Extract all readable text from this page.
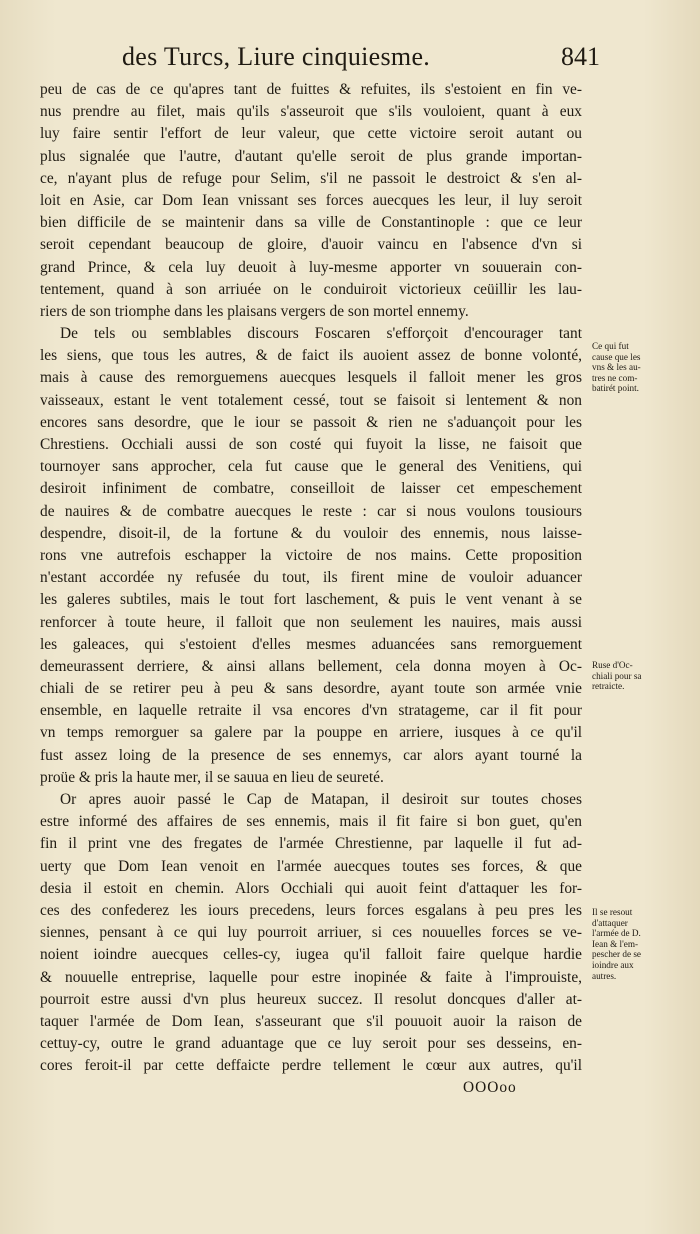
des Turcs, Liure cinquiesme.	841
peu de cas de ce qu'apres tant de fuittes & refuites, ils s'estoient en fin ve-
nus prendre au filet, mais qu'ils s'asseuroit que s'ils vouloient, quant à eux
luy faire sentir l'effort de leur valeur, que cette victoire seroit autant ou
plus signalée que l'autre, d'autant qu'elle seroit de plus grande importan-
ce, n'ayant plus de refuge pour Selim, s'il ne passoit le destroict & s'en al-
loit en Asie, car Dom Iean vnissant ses forces auecques les leur, il luy seroit
bien difficile de se maintenir dans sa ville de Constantinople : que ce leur
seroit cependant beaucoup de gloire, d'auoir vaincu en l'absence d'vn si
grand Prince, & cela luy deuoit à luy-mesme apporter vn souuerain con-
tentement, quand à son arriuée on le conduiroit victorieux ceüillir les lau-
riers de son triomphe dans les plaisans vergers de son mortel ennemy.
De tels ou semblables discours Foscaren s'efforçoit d'encourager tant
les siens, que tous les autres, & de faict ils auoient assez de bonne volonté,
mais à cause des remorguemens auecques lesquels il falloit mener les gros
vaisseaux, estant le vent totalement cessé, tout se faisoit si lentement & non
encores sans desordre, que le iour se passoit & rien ne s'aduançoit pour les
Chrestiens. Occhiali aussi de son costé qui fuyoit la lisse, ne faisoit que
tournoyer sans approcher, cela fut cause que le general des Venitiens, qui
desiroit infiniment de combatre, conseilloit de laisser cet empeschement
de nauires & de combatre auecques le reste : car si nous voulons tousiours
despendre, disoit-il, de la fortune & du vouloir des ennemis, nous laisse-
rons vne autrefois eschapper la victoire de nos mains. Cette proposition
n'estant accordée ny refusée du tout, ils firent mine de vouloir aduancer
les galeres subtiles, mais le tout fort laschement, & puis le vent venant à se
renforcer à toute heure, il falloit que non seulement les nauires, mais aussi
les galeaces, qui s'estoient d'elles mesmes aduancées sans remorguement
demeurassent derriere, & ainsi allans bellement, cela donna moyen à Oc-
chiali de se retirer peu à peu & sans desordre, ayant toute son armée vnie
ensemble, en laquelle retraite il vsa encores d'vn stratageme, car il fit pour
vn temps remorguer sa galere par la pouppe en arriere, iusques à ce qu'il
fust assez loing de la presence de ses ennemys, car alors ayant tourné la
proüe & pris la haute mer, il se sauua en lieu de seureté.
Or apres auoir passé le Cap de Matapan, il desiroit sur toutes choses
estre informé des affaires de ses ennemis, mais il fit faire si bon guet, qu'en
fin il print vne des fregates de l'armée Chrestienne, par laquelle il fut ad-
uerty que Dom Iean venoit en l'armée auecques toutes ses forces, & que
desia il estoit en chemin. Alors Occhiali qui auoit feint d'attaquer les for-
ces des confederez les iours precedens, leurs forces esgalans à peu pres les
siennes, pensant à ce qui luy pourroit arriuer, si ces nouuelles forces se ve-
noient ioindre auecques celles-cy, iugea qu'il falloit faire quelque hardie
& nouuelle entreprise, laquelle pour estre inopinée & faite à l'improuiste,
pourroit estre aussi d'vn plus heureux succez. Il resolut doncques d'aller at-
taquer l'armée de Dom Iean, s'asseurant que s'il pouuoit auoir la raison de
cettuy-cy, outre le grand aduantage que ce luy seroit pour ses desseins, en-
cores feroit-il par cette deffaicte perdre tellement le cœur aux autres, qu'il
Ce qui fut
cause que les
vns & les au-
tres ne com-
batirét point.
Ruse d'Oc-
chiali pour sa
retraicte.
Il se resout
d'attaquer
l'armée de D.
Iean & l'em-
pescher de se
ioindre aux
autres.
OOOoo
